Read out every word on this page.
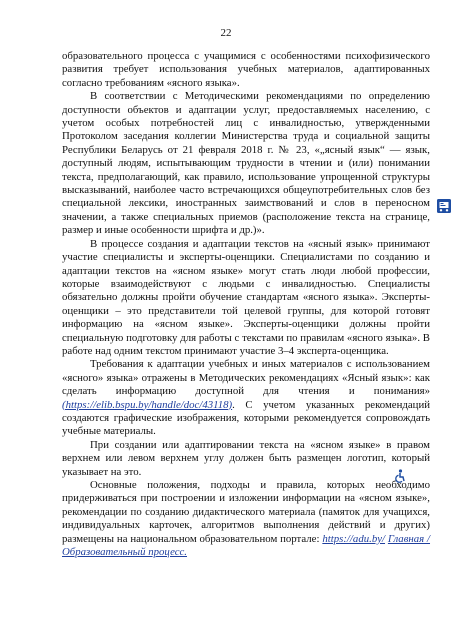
22

образовательного процесса с учащимися с особенностями психофизического развития требует использования учебных материалов, адаптированных согласно требованиям «ясного языка».

В соответствии с Методическими рекомендациями по определению доступности объектов и адаптации услуг, предоставляемых населению, с учетом особых потребностей лиц с инвалидностью, утвержденными Протоколом заседания коллегии Министерства труда и социальной защиты Республики Беларусь от 21 февраля 2018 г. № 23, «„ясный язык“ — язык, доступный людям, испытывающим трудности в чтении и (или) понимании текста, предполагающий, как правило, использование упрощенной структуры высказываний, наиболее часто встречающихся общеупотребительных слов без специальной лексики, иностранных заимствований и слов в переносном значении, а также специальных приемов (расположение текста на странице, размер и иные особенности шрифта и др.)».

В процессе создания и адаптации текстов на «ясный язык» принимают участие специалисты и эксперты-оценщики. Специалистами по созданию и адаптации текстов на «ясном языке» могут стать люди любой профессии, которые взаимодействуют с людьми с инвалидностью. Специалисты обязательно должны пройти обучение стандартам «ясного языка». Эксперты-оценщики – это представители той целевой группы, для которой готовят информацию на «ясном языке». Эксперты-оценщики должны пройти специальную подготовку для работы с текстами по правилам «ясного языка». В работе над одним текстом принимают участие 3–4 эксперта-оценщика.

Требования к адаптации учебных и иных материалов с использованием «ясного» языка» отражены в Методических рекомендациях «Ясный язык»: как сделать информацию доступной для чтения и понимания» (https://elib.bspu.by/handle/doc/43118). С учетом указанных рекомендаций создаются графические изображения, которыми рекомендуется сопровождать учебные материалы.

При создании или адаптировании текста на «ясном языке» в правом верхнем или левом верхнем углу должен быть размещен логотип, который указывает на это.

Основные положения, подходы и правила, которых необходимо придерживаться при построении и изложении информации на «ясном языке», рекомендации по созданию дидактического материала (памяток для учащихся, индивидуальных карточек, алгоритмов выполнения действий и других) размещены на национальном образовательном портале: https://adu.by/ Главная / Образовательный процесс.
